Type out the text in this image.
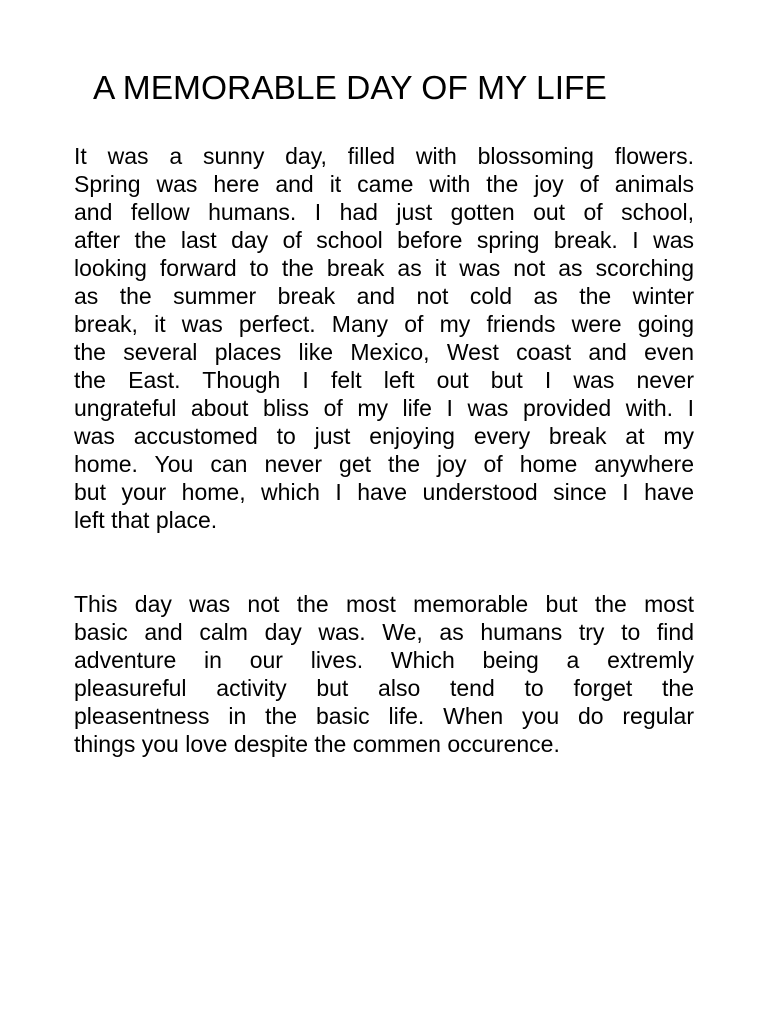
A MEMORABLE DAY OF MY LIFE
It was a sunny day, filled with blossoming flowers.
Spring was here and it came with the joy of animals
and fellow humans. I had just gotten out of school,
after the last day of school before spring break. I was
looking forward to the break as it was not as scorching
as the summer break and not cold as the winter
break, it was perfect. Many of my friends were going
the several places like Mexico, West coast and even
the East. Though I felt left out but I was never
ungrateful about bliss of my life I was provided with. I
was accustomed to just enjoying every break at my
home. You can never get the joy of home anywhere
but your home, which I have understood since I have
left that place.
This day was not the most memorable but the most
basic and calm day was. We, as humans try to find
adventure in our lives. Which being a extremly
pleasureful activity but also tend to forget the
pleasentness in the basic life. When you do regular
things you love despite the commen occurence.
